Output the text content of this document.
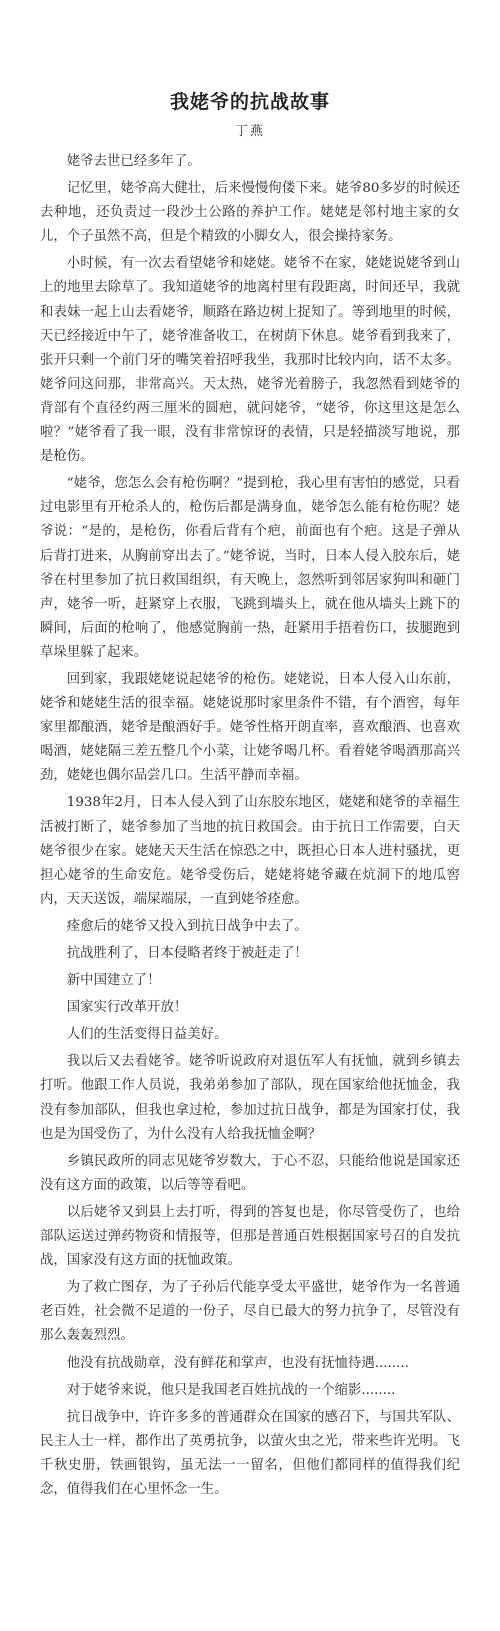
我姥爷的抗战故事
丁燕

姥爷去世已经多年了。

记忆里，姥爷高大健壮，后来慢慢佝偻下来。姥爷80多岁的时候还去种地，还负责过一段沙土公路的养护工作。姥姥是邻村地主家的女儿，个子虽然不高，但是个精致的小脚女人，很会操持家务。

小时候，有一次去看望姥爷和姥姥。姥爷不在家，姥姥说姥爷到山上的地里去除草了。我知道姥爷的地离村里有段距离，时间还早，我就和表妹一起上山去看姥爷，顺路在路边树上捉知了。等到地里的时候，天已经接近中午了，姥爷准备收工，在树荫下休息。姥爷看到我来了，张开只剩一个前门牙的嘴笑着招呼我坐，我那时比较内向，话不太多。姥爷问这问那，非常高兴。天太热，姥爷光着膀子，我忽然看到姥爷的背部有个直径约两三厘米的圆疤，就问姥爷，“姥爷，你这里这是怎么啦？”姥爷看了我一眼，没有非常惊讶的表情，只是轻描淡写地说，那是枪伤。

“姥爷，您怎么会有枪伤啊？”提到枪，我心里有害怕的感觉，只看过电影里有开枪杀人的，枪伤后都是满身血，姥爷怎么能有枪伤呢？姥爷说：“是的，是枪伤，你看后背有个疤，前面也有个疤。这是子弹从后背打进来，从胸前穿出去了。”姥爷说，当时，日本人侵入胶东后，姥爷在村里参加了抗日救国组织，有天晚上，忽然听到邻居家狗叫和砸门声，姥爷一听，赶紧穿上衣服，飞跳到墙头上，就在他从墙头上跳下的瞬间，后面的枪响了，他感觉胸前一热，赶紧用手捂着伤口，拔腿跑到草垛里躲了起来。

回到家，我跟姥姥说起姥爷的枪伤。姥姥说，日本人侵入山东前，姥爷和姥姥生活的很幸福。姥姥说那时家里条件不错，有个酒窖，每年家里都酿酒，姥爷是酿酒好手。姥爷性格开朗直率，喜欢酿酒、也喜欢喝酒，姥姥隔三差五整几个小菜，让姥爷喝几杯。看着姥爷喝酒那高兴劲，姥姥也偶尔品尝几口。生活平静而幸福。

1938年2月，日本人侵入到了山东胶东地区，姥姥和姥爷的幸福生活被打断了，姥爷参加了当地的抗日救国会。由于抗日工作需要，白天姥爷很少在家。姥姥天天生活在惊恐之中，既担心日本人进村骚扰，更担心姥爷的生命安危。姥爷受伤后，姥姥将姥爷藏在炕洞下的地瓜窖内，天天送饭，端屎端尿，一直到姥爷痊愈。

痊愈后的姥爷又投入到抗日战争中去了。

抗战胜利了，日本侵略者终于被赶走了！

新中国建立了！

国家实行改革开放！

人们的生活变得日益美好。

我以后又去看姥爷。姥爷听说政府对退伍军人有抚恤，就到乡镇去打听。他跟工作人员说，我弟弟参加了部队，现在国家给他抚恤金，我没有参加部队，但我也拿过枪，参加过抗日战争，都是为国家打仗，我也是为国受伤了，为什么没有人给我抚恤金啊？

乡镇民政所的同志见姥爷岁数大，于心不忍，只能给他说是国家还没有这方面的政策，以后等等看吧。

以后姥爷又到县上去打听，得到的答复也是，你尽管受伤了，也给部队运送过弹药物资和情报等，但那是普通百姓根据国家号召的自发抗战，国家没有这方面的抚恤政策。

为了救亡图存，为了子孙后代能享受太平盛世，姥爷作为一名普通老百姓，社会微不足道的一份子，尽自已最大的努力抗争了，尽管没有那么轰轰烈烈。

他没有抗战勋章，没有鲜花和掌声，也没有抚恤待遇........

对于姥爷来说，他只是我国老百姓抗战的一个缩影........

抗日战争中，许许多多的普通群众在国家的感召下，与国共军队、民主人士一样，都作出了英勇抗争，以萤火虫之光，带来些许光明。飞千秋史册，铁画银钩，虽无法一一留名，但他们都同样的值得我们纪念，值得我们在心里怀念一生。
